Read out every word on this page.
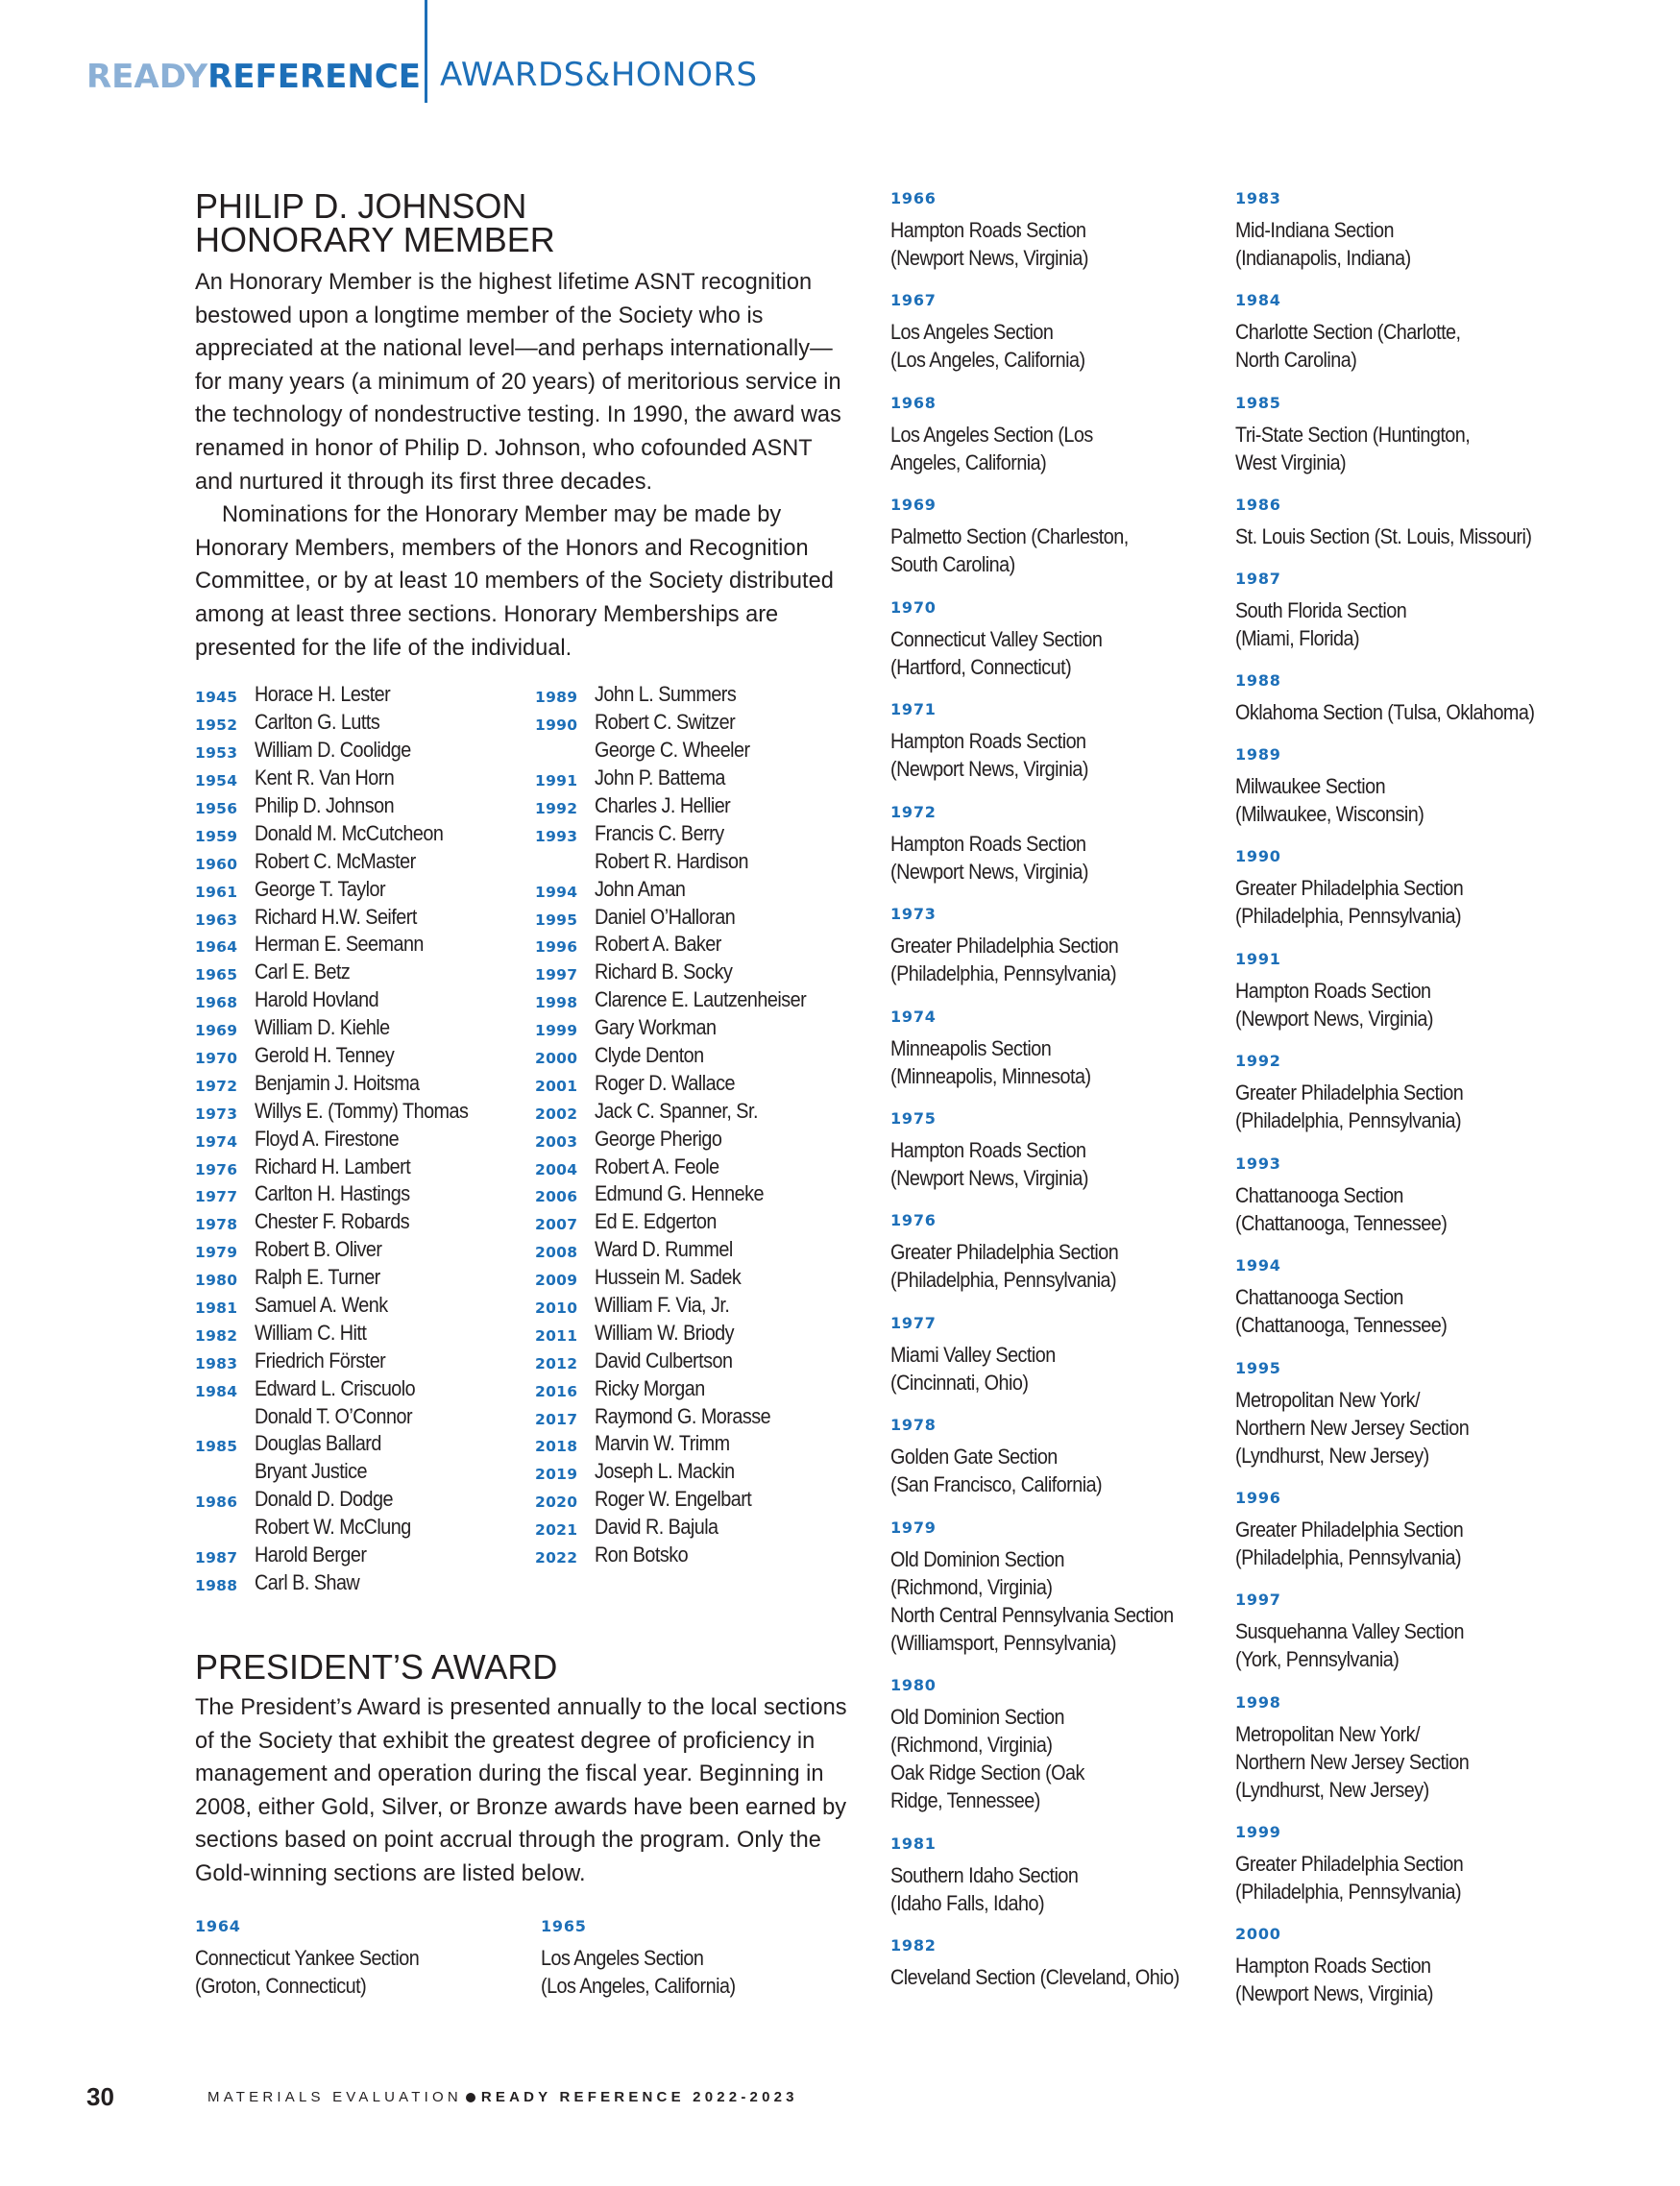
READY REFERENCE AWARDS&HONORS
PHILIP D. JOHNSON
HONORARY MEMBER

An Honorary Member is the highest lifetime ASNT recognition bestowed upon a longtime member of the Society who is appreciated at the national level—and perhaps internationally—for many years (a minimum of 20 years) of meritorious service in the technology of nondestructive testing. In 1990, the award was renamed in honor of Philip D. Johnson, who cofounded ASNT and nurtured it through its first three decades.

Nominations for the Honorary Member may be made by Honorary Members, members of the Honors and Recognition Committee, or by at least 10 members of the Society distributed among at least three sections. Honorary Memberships are presented for the life of the individual.

1945 Horace H. Lester
1952 Carlton G. Lutts
1953 William D. Coolidge
1954 Kent R. Van Horn
1956 Philip D. Johnson
1959 Donald M. McCutcheon
1960 Robert C. McMaster
1961 George T. Taylor
1963 Richard H.W. Seifert
1964 Herman E. Seemann
1965 Carl E. Betz
1968 Harold Hovland
1969 William D. Kiehle
1970 Gerold H. Tenney
1972 Benjamin J. Hoitsma
1973 Willys E. (Tommy) Thomas
1974 Floyd A. Firestone
1976 Richard H. Lambert
1977 Carlton H. Hastings
1978 Chester F. Robards
1979 Robert B. Oliver
1980 Ralph E. Turner
1981 Samuel A. Wenk
1982 William C. Hitt
1983 Friedrich Förster
1984 Edward L. Criscuolo
Donald T. O’Connor
1985 Douglas Ballard
Bryant Justice
1986 Donald D. Dodge
Robert W. McClung
1987 Harold Berger
1988 Carl B. Shaw
1989 John L. Summers
1990 Robert C. Switzer
George C. Wheeler
1991 John P. Battema
1992 Charles J. Hellier
1993 Francis C. Berry
Robert R. Hardison
1994 John Aman
1995 Daniel O’Halloran
1996 Robert A. Baker
1997 Richard B. Socky
1998 Clarence E. Lautzenheiser
1999 Gary Workman
2000 Clyde Denton
2001 Roger D. Wallace
2002 Jack C. Spanner, Sr.
2003 George Pherigo
2004 Robert A. Feole
2006 Edmund G. Henneke
2007 Ed E. Edgerton
2008 Ward D. Rummel
2009 Hussein M. Sadek
2010 William F. Via, Jr.
2011 William W. Briody
2012 David Culbertson
2016 Ricky Morgan
2017 Raymond G. Morasse
2018 Marvin W. Trimm
2019 Joseph L. Mackin
2020 Roger W. Engelbart
2021 David R. Bajula
2022 Ron Botsko
PRESIDENT’S AWARD

The President’s Award is presented annually to the local sections of the Society that exhibit the greatest degree of proficiency in management and operation during the fiscal year. Beginning in 2008, either Gold, Silver, or Bronze awards have been earned by sections based on point accrual through the program. Only the Gold-winning sections are listed below.

1964
Connecticut Yankee Section
(Groton, Connecticut)
1965
Los Angeles Section
(Los Angeles, California)
1966
Hampton Roads Section
(Newport News, Virginia)
1967
Los Angeles Section
(Los Angeles, California)
1968
Los Angeles Section (Los
Angeles, California)
1969
Palmetto Section (Charleston,
South Carolina)
1970
Connecticut Valley Section
(Hartford, Connecticut)
1971
Hampton Roads Section
(Newport News, Virginia)
1972
Hampton Roads Section
(Newport News, Virginia)
1973
Greater Philadelphia Section
(Philadelphia, Pennsylvania)
1974
Minneapolis Section
(Minneapolis, Minnesota)
1975
Hampton Roads Section
(Newport News, Virginia)
1976
Greater Philadelphia Section
(Philadelphia, Pennsylvania)
1977
Miami Valley Section
(Cincinnati, Ohio)
1978
Golden Gate Section
(San Francisco, California)
1979
Old Dominion Section
(Richmond, Virginia)
North Central Pennsylvania Section
(Williamsport, Pennsylvania)
1980
Old Dominion Section
(Richmond, Virginia)
Oak Ridge Section (Oak
Ridge, Tennessee)
1981
Southern Idaho Section
(Idaho Falls, Idaho)
1982
Cleveland Section (Cleveland, Ohio)
1983
Mid-Indiana Section
(Indianapolis, Indiana)
1984
Charlotte Section (Charlotte,
North Carolina)
1985
Tri-State Section (Huntington,
West Virginia)
1986
St. Louis Section (St. Louis, Missouri)
1987
South Florida Section
(Miami, Florida)
1988
Oklahoma Section (Tulsa, Oklahoma)
1989
Milwaukee Section
(Milwaukee, Wisconsin)
1990
Greater Philadelphia Section
(Philadelphia, Pennsylvania)
1991
Hampton Roads Section
(Newport News, Virginia)
1992
Greater Philadelphia Section
(Philadelphia, Pennsylvania)
1993
Chattanooga Section
(Chattanooga, Tennessee)
1994
Chattanooga Section
(Chattanooga, Tennessee)
1995
Metropolitan New York/
Northern New Jersey Section
(Lyndhurst, New Jersey)
1996
Greater Philadelphia Section
(Philadelphia, Pennsylvania)
1997
Susquehanna Valley Section
(York, Pennsylvania)
1998
Metropolitan New York/
Northern New Jersey Section
(Lyndhurst, New Jersey)
1999
Greater Philadelphia Section
(Philadelphia, Pennsylvania)
2000
Hampton Roads Section
(Newport News, Virginia)
30	MATERIALS EVALUATION READY REFERENCE 2022-2023
